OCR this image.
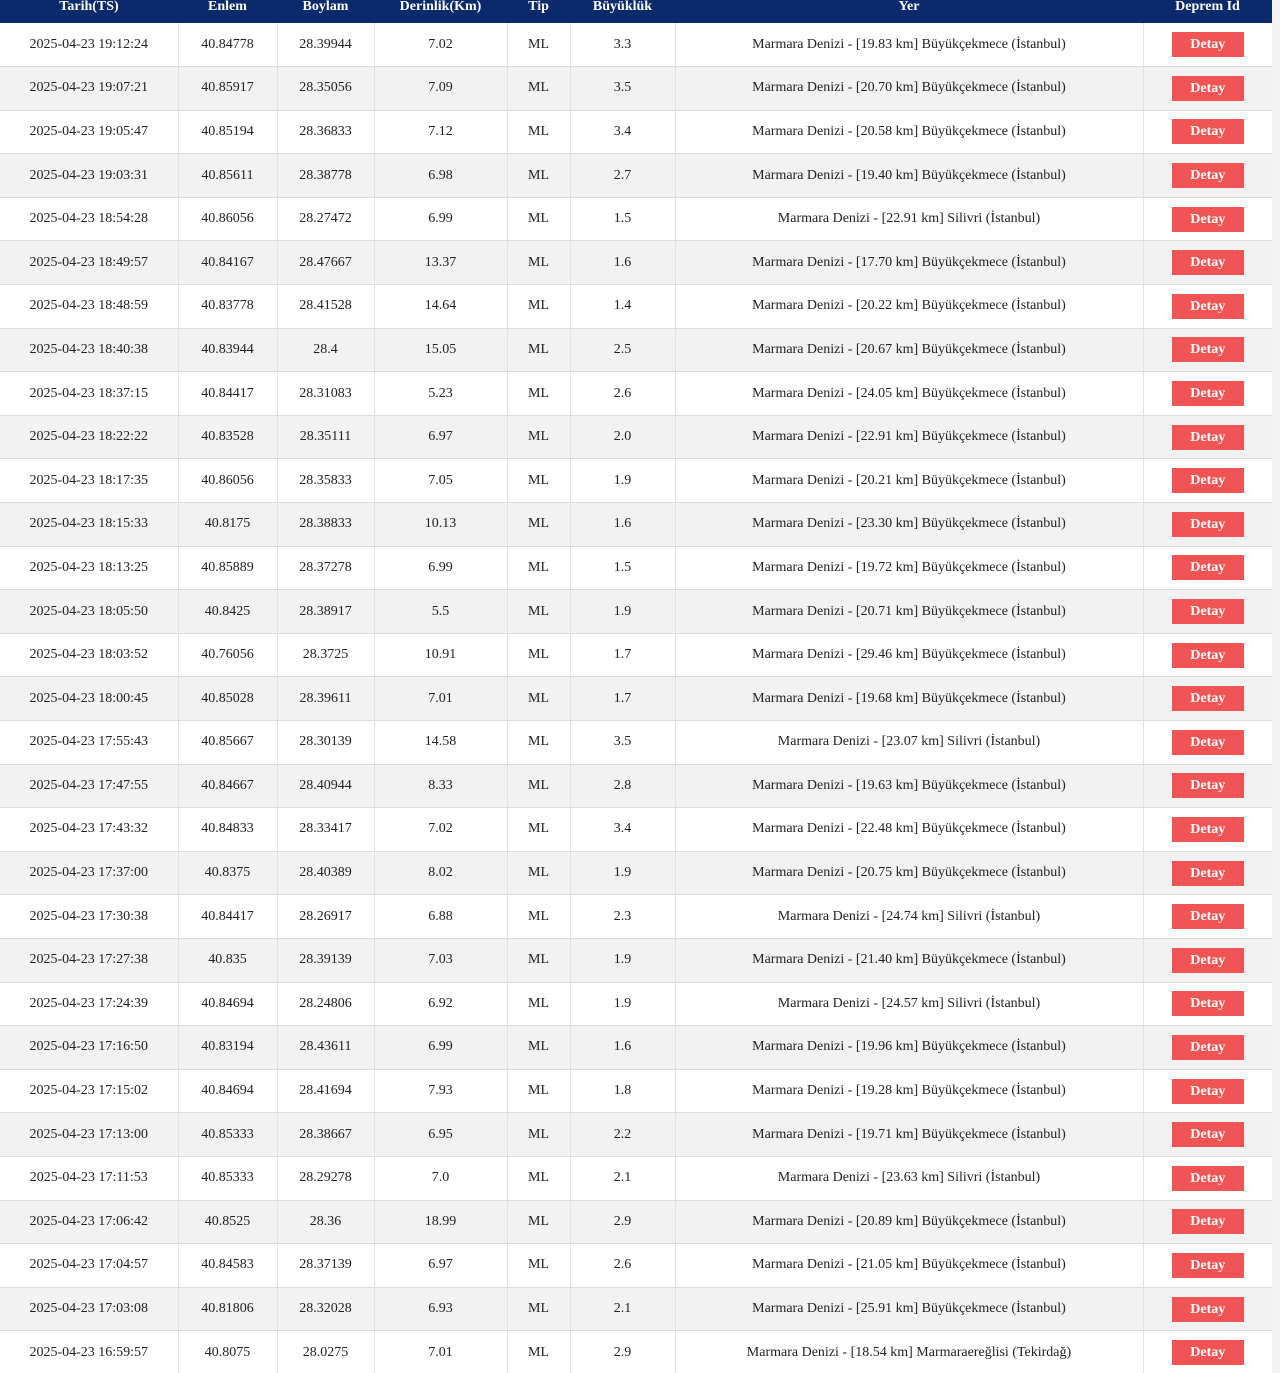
Tarih(TS)	Enlem	Boylam	Derinlik(Km)	Tip	Büyüklük	Yer	Deprem Id
2025-04-23 19:12:24	40.84778	28.39944	7.02	ML	3.3	Marmara Denizi - [19.83 km] Büyükçekmece (İstanbul)	Detay
2025-04-23 19:07:21	40.85917	28.35056	7.09	ML	3.5	Marmara Denizi - [20.70 km] Büyükçekmece (İstanbul)	Detay
2025-04-23 19:05:47	40.85194	28.36833	7.12	ML	3.4	Marmara Denizi - [20.58 km] Büyükçekmece (İstanbul)	Detay
2025-04-23 19:03:31	40.85611	28.38778	6.98	ML	2.7	Marmara Denizi - [19.40 km] Büyükçekmece (İstanbul)	Detay
2025-04-23 18:54:28	40.86056	28.27472	6.99	ML	1.5	Marmara Denizi - [22.91 km] Silivri (İstanbul)	Detay
2025-04-23 18:49:57	40.84167	28.47667	13.37	ML	1.6	Marmara Denizi - [17.70 km] Büyükçekmece (İstanbul)	Detay
2025-04-23 18:48:59	40.83778	28.41528	14.64	ML	1.4	Marmara Denizi - [20.22 km] Büyükçekmece (İstanbul)	Detay
2025-04-23 18:40:38	40.83944	28.4	15.05	ML	2.5	Marmara Denizi - [20.67 km] Büyükçekmece (İstanbul)	Detay
2025-04-23 18:37:15	40.84417	28.31083	5.23	ML	2.6	Marmara Denizi - [24.05 km] Büyükçekmece (İstanbul)	Detay
2025-04-23 18:22:22	40.83528	28.35111	6.97	ML	2.0	Marmara Denizi - [22.91 km] Büyükçekmece (İstanbul)	Detay
2025-04-23 18:17:35	40.86056	28.35833	7.05	ML	1.9	Marmara Denizi - [20.21 km] Büyükçekmece (İstanbul)	Detay
2025-04-23 18:15:33	40.8175	28.38833	10.13	ML	1.6	Marmara Denizi - [23.30 km] Büyükçekmece (İstanbul)	Detay
2025-04-23 18:13:25	40.85889	28.37278	6.99	ML	1.5	Marmara Denizi - [19.72 km] Büyükçekmece (İstanbul)	Detay
2025-04-23 18:05:50	40.8425	28.38917	5.5	ML	1.9	Marmara Denizi - [20.71 km] Büyükçekmece (İstanbul)	Detay
2025-04-23 18:03:52	40.76056	28.3725	10.91	ML	1.7	Marmara Denizi - [29.46 km] Büyükçekmece (İstanbul)	Detay
2025-04-23 18:00:45	40.85028	28.39611	7.01	ML	1.7	Marmara Denizi - [19.68 km] Büyükçekmece (İstanbul)	Detay
2025-04-23 17:55:43	40.85667	28.30139	14.58	ML	3.5	Marmara Denizi - [23.07 km] Silivri (İstanbul)	Detay
2025-04-23 17:47:55	40.84667	28.40944	8.33	ML	2.8	Marmara Denizi - [19.63 km] Büyükçekmece (İstanbul)	Detay
2025-04-23 17:43:32	40.84833	28.33417	7.02	ML	3.4	Marmara Denizi - [22.48 km] Büyükçekmece (İstanbul)	Detay
2025-04-23 17:37:00	40.8375	28.40389	8.02	ML	1.9	Marmara Denizi - [20.75 km] Büyükçekmece (İstanbul)	Detay
2025-04-23 17:30:38	40.84417	28.26917	6.88	ML	2.3	Marmara Denizi - [24.74 km] Silivri (İstanbul)	Detay
2025-04-23 17:27:38	40.835	28.39139	7.03	ML	1.9	Marmara Denizi - [21.40 km] Büyükçekmece (İstanbul)	Detay
2025-04-23 17:24:39	40.84694	28.24806	6.92	ML	1.9	Marmara Denizi - [24.57 km] Silivri (İstanbul)	Detay
2025-04-23 17:16:50	40.83194	28.43611	6.99	ML	1.6	Marmara Denizi - [19.96 km] Büyükçekmece (İstanbul)	Detay
2025-04-23 17:15:02	40.84694	28.41694	7.93	ML	1.8	Marmara Denizi - [19.28 km] Büyükçekmece (İstanbul)	Detay
2025-04-23 17:13:00	40.85333	28.38667	6.95	ML	2.2	Marmara Denizi - [19.71 km] Büyükçekmece (İstanbul)	Detay
2025-04-23 17:11:53	40.85333	28.29278	7.0	ML	2.1	Marmara Denizi - [23.63 km] Silivri (İstanbul)	Detay
2025-04-23 17:06:42	40.8525	28.36	18.99	ML	2.9	Marmara Denizi - [20.89 km] Büyükçekmece (İstanbul)	Detay
2025-04-23 17:04:57	40.84583	28.37139	6.97	ML	2.6	Marmara Denizi - [21.05 km] Büyükçekmece (İstanbul)	Detay
2025-04-23 17:03:08	40.81806	28.32028	6.93	ML	2.1	Marmara Denizi - [25.91 km] Büyükçekmece (İstanbul)	Detay
2025-04-23 16:59:57	40.8075	28.0275	7.01	ML	2.9	Marmara Denizi - [18.54 km] Marmaraereğlisi (Tekirdağ)	Detay
